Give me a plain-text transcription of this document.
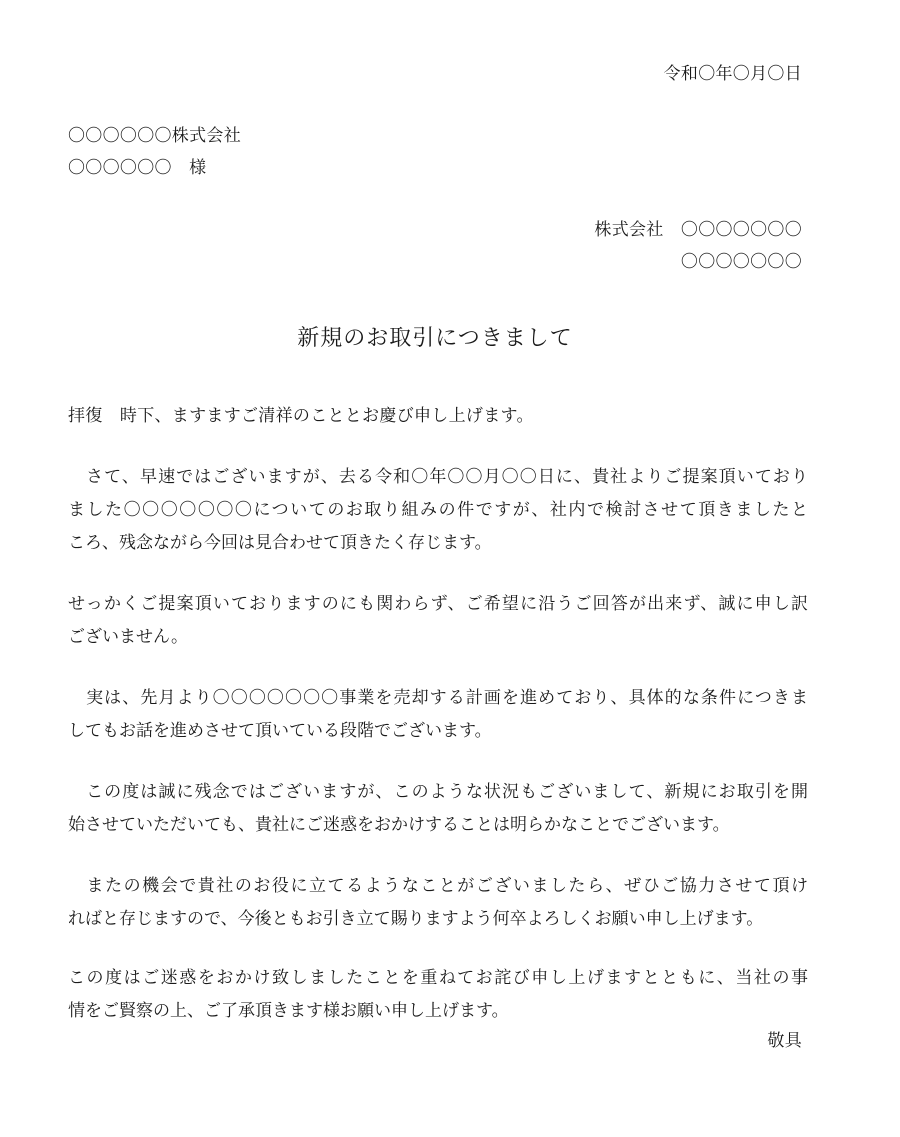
令和〇年〇月〇日
〇〇〇〇〇〇株式会社
〇〇〇〇〇〇　様
株式会社　〇〇〇〇〇〇〇
〇〇〇〇〇〇〇
新規のお取引につきまして
拝復　時下、ますますご清祥のこととお慶び申し上げます。
　さて、早速ではございますが、去る令和〇年〇〇月〇〇日に、貴社よりご提案頂いており
ました〇〇〇〇〇〇〇についてのお取り組みの件ですが、社内で検討させて頂きましたと
ころ、残念ながら今回は見合わせて頂きたく存じます。
せっかくご提案頂いておりますのにも関わらず、ご希望に沿うご回答が出来ず、誠に申し訳
ございません。
　実は、先月より〇〇〇〇〇〇〇事業を売却する計画を進めており、具体的な条件につきま
してもお話を進めさせて頂いている段階でございます。
　この度は誠に残念ではございますが、このような状況もございまして、新規にお取引を開
始させていただいても、貴社にご迷惑をおかけすることは明らかなことでございます。
　またの機会で貴社のお役に立てるようなことがございましたら、ぜひご協力させて頂け
ればと存じますので、今後ともお引き立て賜りますよう何卒よろしくお願い申し上げます。
この度はご迷惑をおかけ致しましたことを重ねてお詫び申し上げますとともに、当社の事
情をご賢察の上、ご了承頂きます様お願い申し上げます。
敬具
